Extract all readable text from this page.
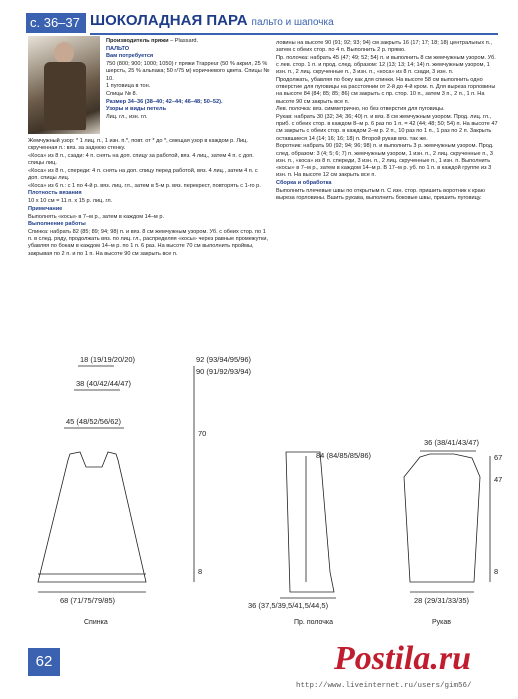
с. 36–37 ШОКОЛАДНАЯ ПАРА пальто и шапочка

Производитель пряжи – Plassard.

ПАЛЬТО

Вам потребуется

750 (800; 900; 1000; 1050) г пряжи Trappeur (50 % акрил, 25 % шерсть, 25 % альпака; 50 г/75 м) коричневого цвета. Спицы № 10.

1 пуговица в тон.

Спицы № 8.

Размер 34–36 (38–40; 42–44; 46–48; 50–52).

Узоры и виды петель

Лиц. гл., изн. гл.

Жемчужный узор: * 1 лиц. п., 1 изн. п.*, повт. от * до *, смещая узор в каждом р. Лиц. скрученная п.: вяз. за заднюю стенку.

«Коса» из 8 п., сзади: 4 п. снять на доп. спицу за работой, вяз. 4 лиц., затем 4 п. с доп. спицы лиц.

«Коса» из 8 п., спереди: 4 п. снять на доп. спицу перед работой, вяз. 4 лиц., затем 4 п. с доп. спицы лиц.

«Коса» из 6 п.: с 1 по 4-й р. вяз. лиц. гл., затем в 5-м р. вяз. перекрест, повторять с 1-го р.

Плотность вязания

10 х 10 см = 11 п. х 15 р. лиц. гл.

Примечание

Выполнять «косы» в 7–м р., затем в каждом 14–м р.

Выполнение работы

Спинка: набрать 82 (85; 89; 94; 98) п. и вяз. 8 см жемчужным узором. Уб. с обеих стор. по 1 п. в след. ряду, продолжать вяз. по лиц. гл., распределяя «косы» через равные промежутки, убавляя по бокам в каждом 14–м р. по 1 п. 6 раз. На высоте 70 см выполнить проймы, закрывая по 2 п. и по 1 п. На высоте 90 см закрыть все п.

ловины на высоте 90 (91; 92; 93; 94) см закрыть 16 (17; 17; 18; 18) центральных п., затем с обеих стор. по 4 п. Выполнить 2 р. прямо.

Пр. полочка: набрать 45 (47; 49; 52; 54) п. и выполнить 8 см жемчужным узором. Уб. с лев. стор. 1 п. и прод. след. образом: 12 (13; 13; 14; 14) п. жемчужным узором, 1 изн. п., 2 лиц. скрученные п., 3 изн. п., «коса» из 8 п. сзади, 3 изн. п.

Продолжать, убавляя по боку как для спинки. На высоте 58 см выполнить одно отверстие для пуговицы на расстоянии от 2-й до 4-й кром. п. Для выреза горловины на высоте 84 (84; 85; 85; 86) см закрыть с пр. стор. 10 п., затем 3 п., 2 п., 1 п. На высоте 90 см закрыть все п.

Лев. полочка: вяз. симметрично, но без отверстия для пуговицы.

Рукав: набрать 30 (32; 34; 36; 40) п. и вяз. 8 см жемчужным узором. Прод. лиц. гл., приб. с обеих стор. в каждом 8–м р. 6 раз по 1 п. = 42 (44; 48; 50; 54) п. На высоте 47 см закрыть с обеих стор. в каждом 2–м р. 2 п., 10 раз по 1 п., 1 раз по 2 п. Закрыть оставшиеся 14 (14; 16; 16; 18) п. Второй рукав вяз. так же.

Воротник: набрать 90 (92; 94; 96; 98) п. и выполнить 3 р. жемчужным узором. Прод. след. образом: 3 (4; 5; 6; 7) п. жемчужным узором, 1 изн. п., 2 лиц. скрученные п., 3 изн. п., «коса» из 8 п. спереди, 3 изн. п., 2 лиц. скрученные п., 1 изн. п. Выполнить «косы» в 7–м р., затем в каждом 14–м р. В 17–м р. уб. по 1 п. в каждой группе из 3 изн. п. На высоте 12 см закрыть все п.

Сборка и обработка

Выполнить плечевые швы по открытым п. С изн. стор. пришить воротник к краю выреза горловины. Вшить рукава, выполнить боковые швы, пришить пуговицу.

18 (19/19/20/20)
38 (40/42/44/47)
45 (48/52/56/62)
68 (71/75/79/85)
Спинка
92 (93/94/95/96)
90 (91/92/93/94)
70
8
84 (84/85/85/86)
36 (37,5/39,5/41,5/44,5)
Пр. полочка
36 (38/41/43/47)
67
47
8
28 (29/31/33/35)
Рукав
62	Postila.ru
http://www.liveinternet.ru/users/gim56/
